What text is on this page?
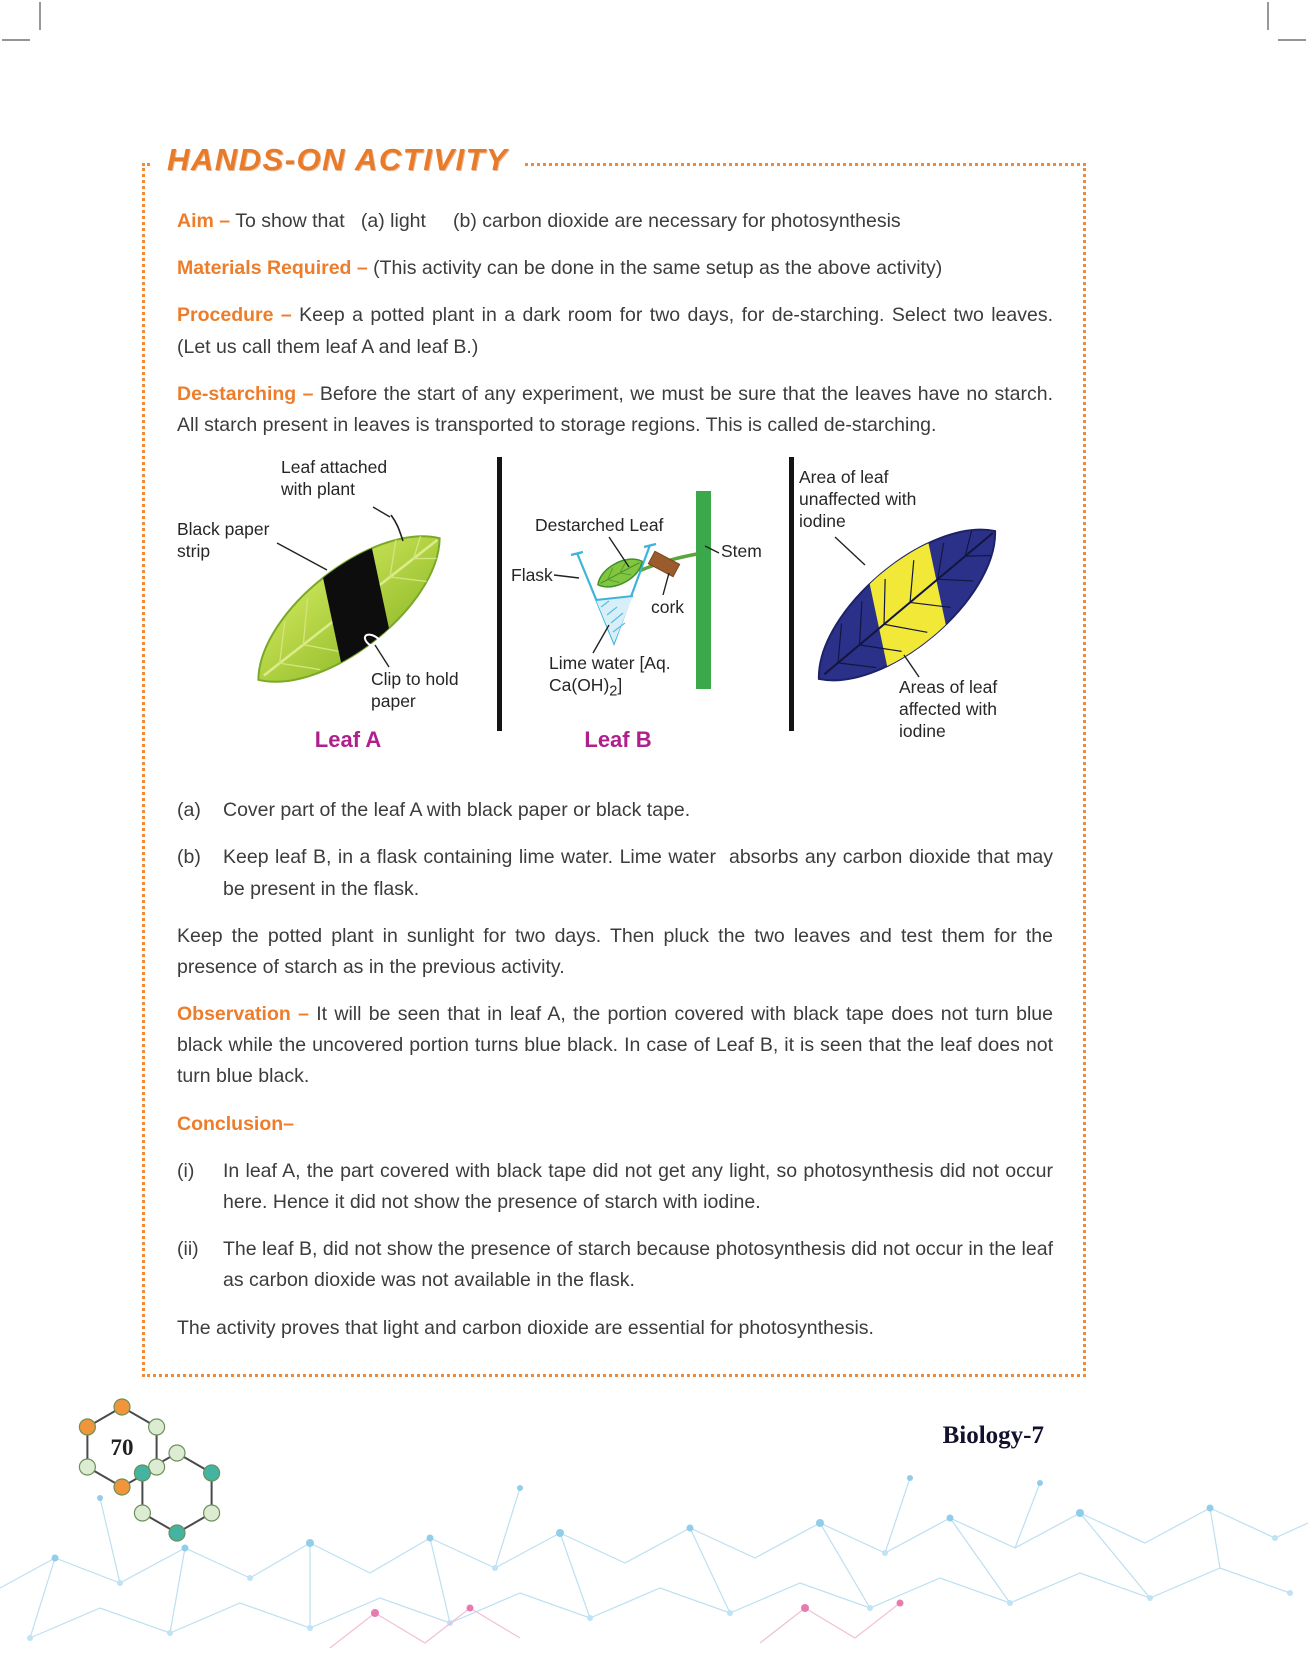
HANDS-ON ACTIVITY

Aim – To show that   (a) light     (b) carbon dioxide are necessary for photosynthesis

Materials Required – (This activity can be done in the same setup as the above activity)

Procedure – Keep a potted plant in a dark room for two days, for de-starching. Select two leaves. (Let us call them leaf A and leaf B.)

De-starching – Before the start of any experiment, we must be sure that the leaves have no starch. All starch present in leaves is transported to storage regions. This is called de-starching.

Leaf attached with plant
Black paper strip
Clip to hold paper
Leaf A
Destarched Leaf
Flask
Stem
cork
Lime water [Aq.
$Ca(OH)_2$]
Leaf B
Area of leaf unaffected with iodine
Areas of leaf affected with iodine
(a)	Cover part of the leaf A with black paper or black tape.
(b)	Keep leaf B, in a flask containing lime water. Lime water  absorbs any carbon dioxide that may be present in the flask.

Keep the potted plant in sunlight for two days. Then pluck the two leaves and test them for the presence of starch as in the previous activity.

Observation – It will be seen that in leaf A, the portion covered with black tape does not turn blue black while the uncovered portion turns blue black. In case of Leaf B, it is seen that the leaf does not turn blue black.

Conclusion–

(i)	In leaf A, the part covered with black tape did not get any light, so photosynthesis did not occur here. Hence it did not show the presence of starch with iodine.
(ii)	The leaf B, did not show the presence of starch because photosynthesis did not occur in the leaf as carbon dioxide was not available in the flask.

The activity proves that light and carbon dioxide are essential for photosynthesis.

70	Biology-7
